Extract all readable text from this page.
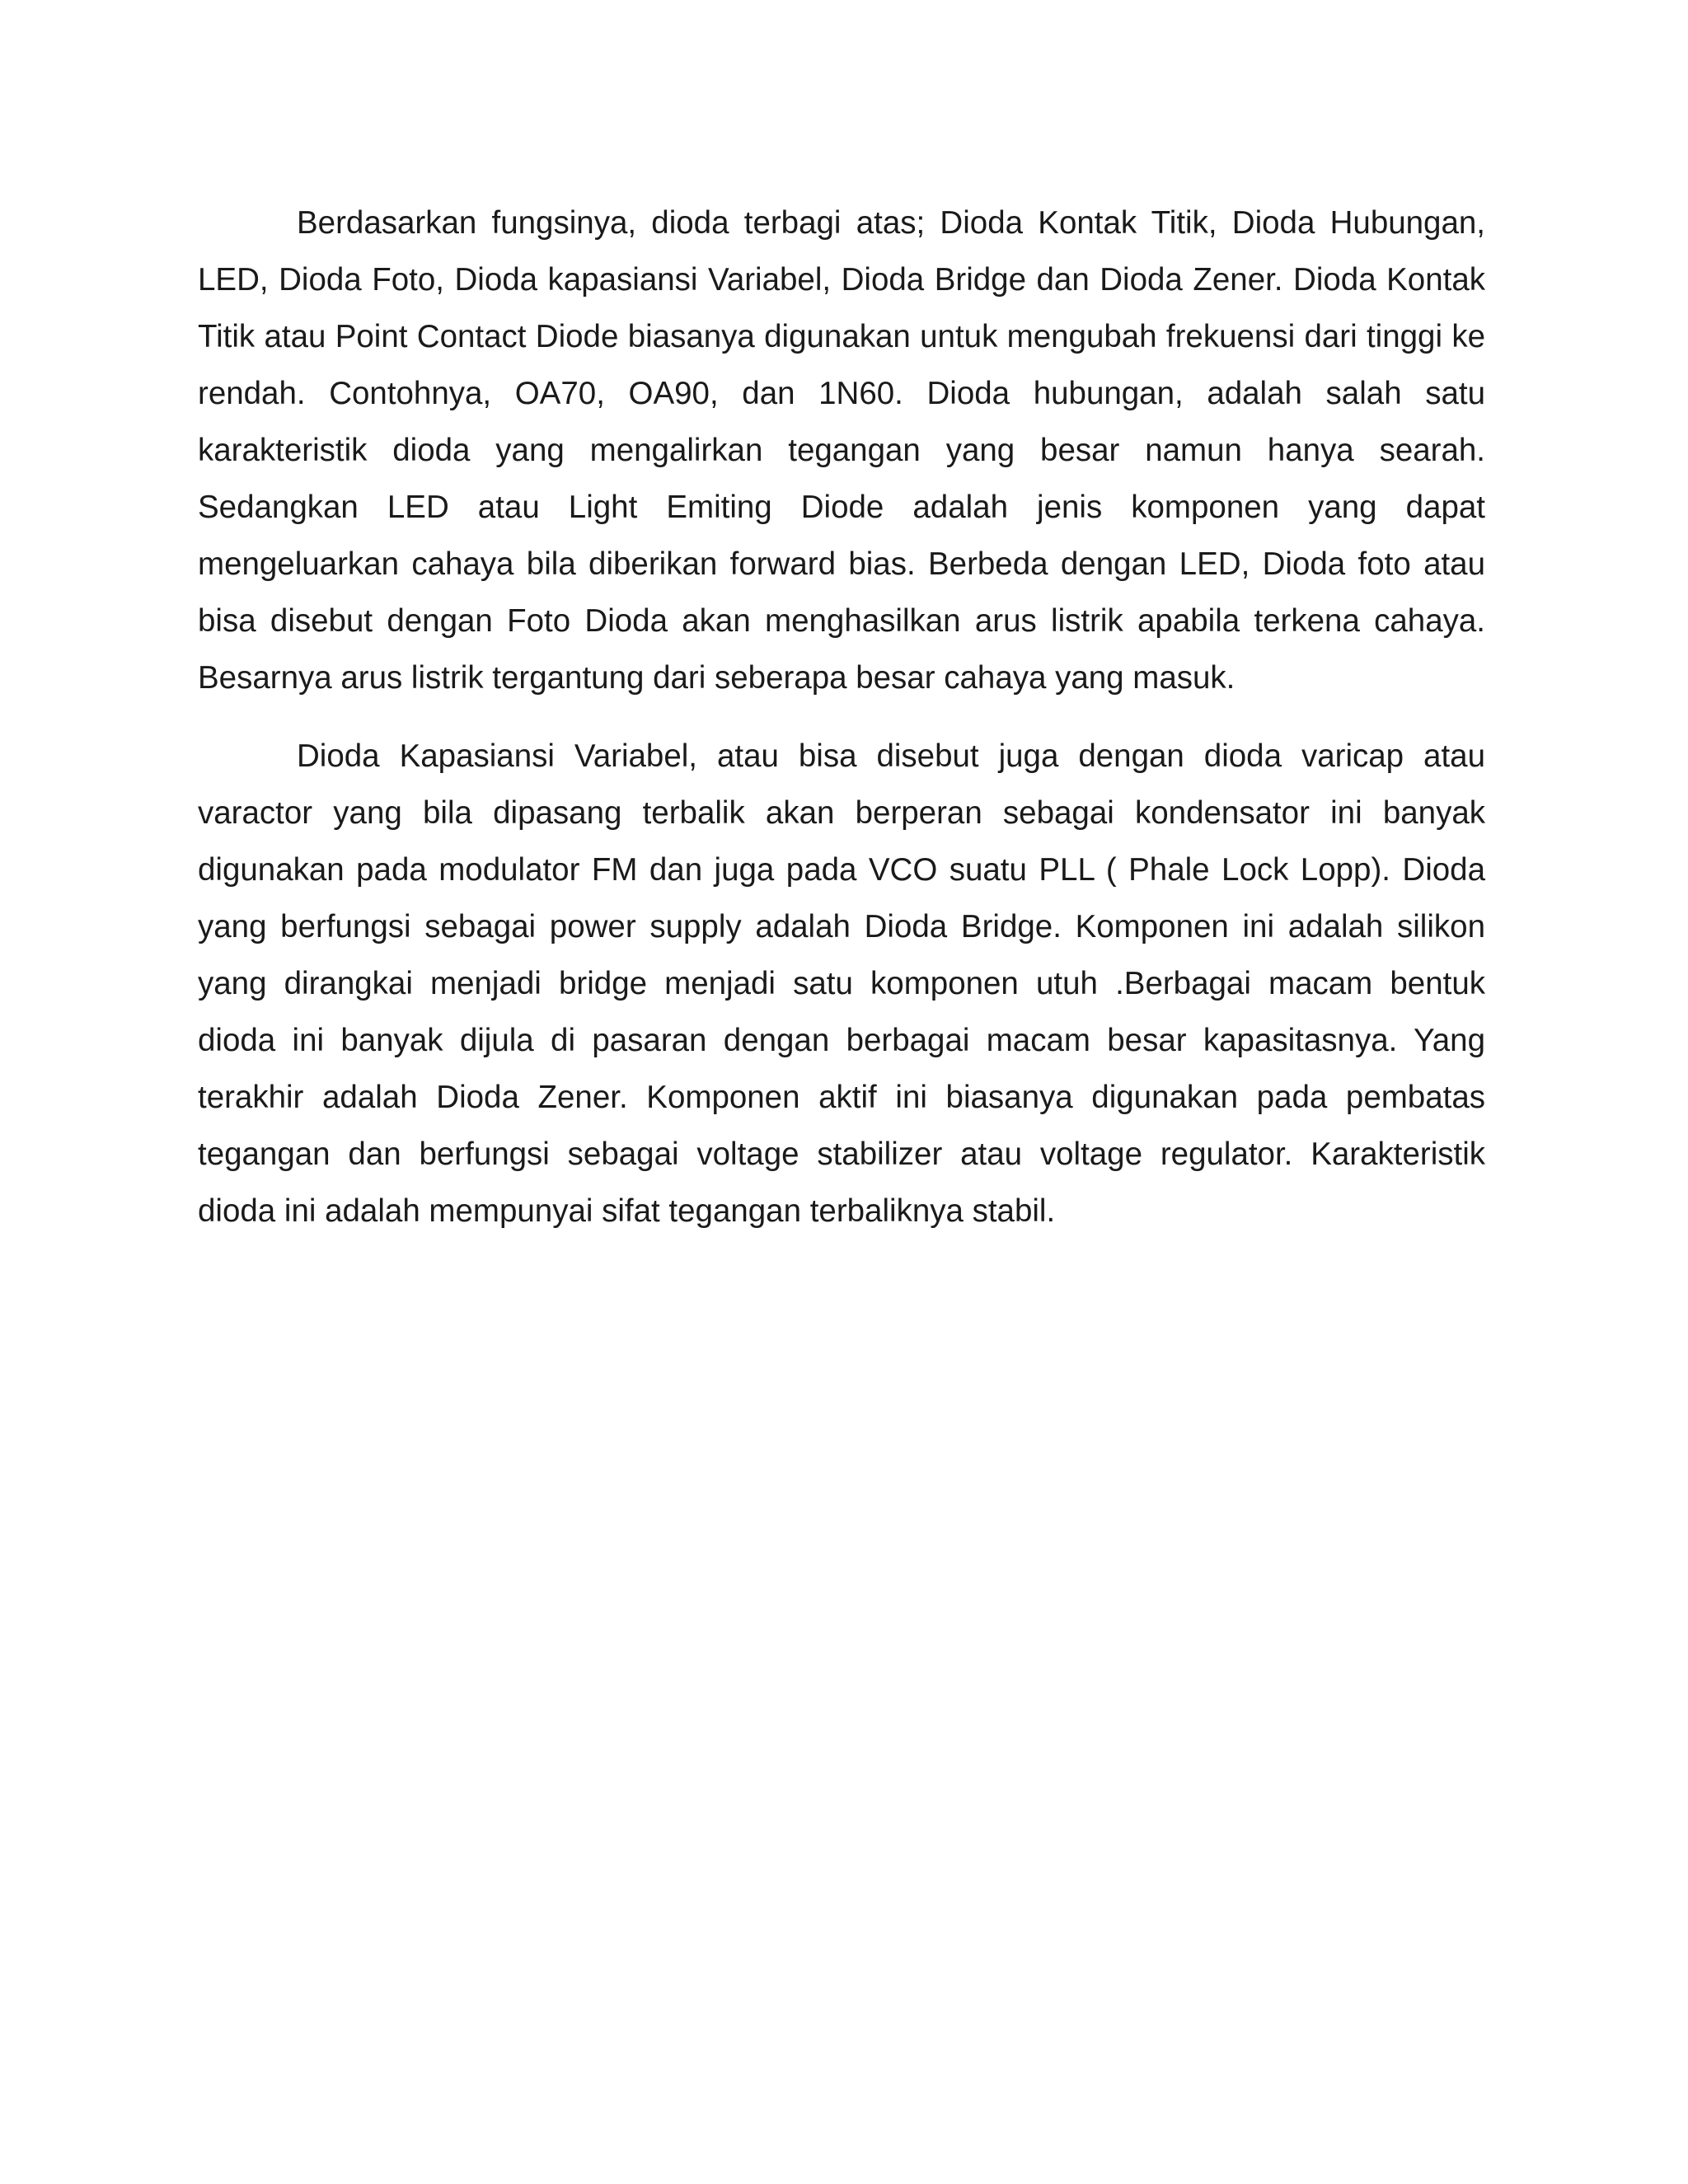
Berdasarkan fungsinya, dioda terbagi atas; Dioda Kontak Titik, Dioda Hubungan, LED, Dioda Foto, Dioda kapasiansi Variabel, Dioda Bridge dan Dioda Zener. Dioda Kontak Titik atau Point Contact Diode biasanya digunakan untuk mengubah frekuensi dari tinggi ke rendah. Contohnya, OA70, OA90, dan 1N60. Dioda hubungan, adalah salah satu karakteristik dioda yang mengalirkan tegangan yang besar namun hanya searah. Sedangkan LED atau Light Emiting Diode adalah jenis komponen yang dapat mengeluarkan cahaya bila diberikan forward bias. Berbeda dengan LED, Dioda foto atau bisa disebut dengan Foto Dioda akan menghasilkan arus listrik apabila terkena cahaya. Besarnya arus listrik tergantung dari seberapa besar cahaya yang masuk.

Dioda Kapasiansi Variabel, atau bisa disebut juga dengan dioda varicap atau varactor yang bila dipasang terbalik akan berperan sebagai kondensator ini banyak digunakan pada modulator FM dan juga pada VCO suatu PLL ( Phale Lock Lopp). Dioda yang berfungsi sebagai power supply adalah Dioda Bridge. Komponen ini adalah silikon yang dirangkai menjadi bridge menjadi satu komponen utuh .Berbagai macam bentuk dioda ini banyak dijula di pasaran dengan berbagai macam besar kapasitasnya. Yang terakhir adalah Dioda Zener. Komponen aktif ini biasanya digunakan pada pembatas tegangan dan berfungsi sebagai voltage stabilizer atau voltage regulator. Karakteristik dioda ini adalah mempunyai sifat tegangan terbaliknya stabil.
